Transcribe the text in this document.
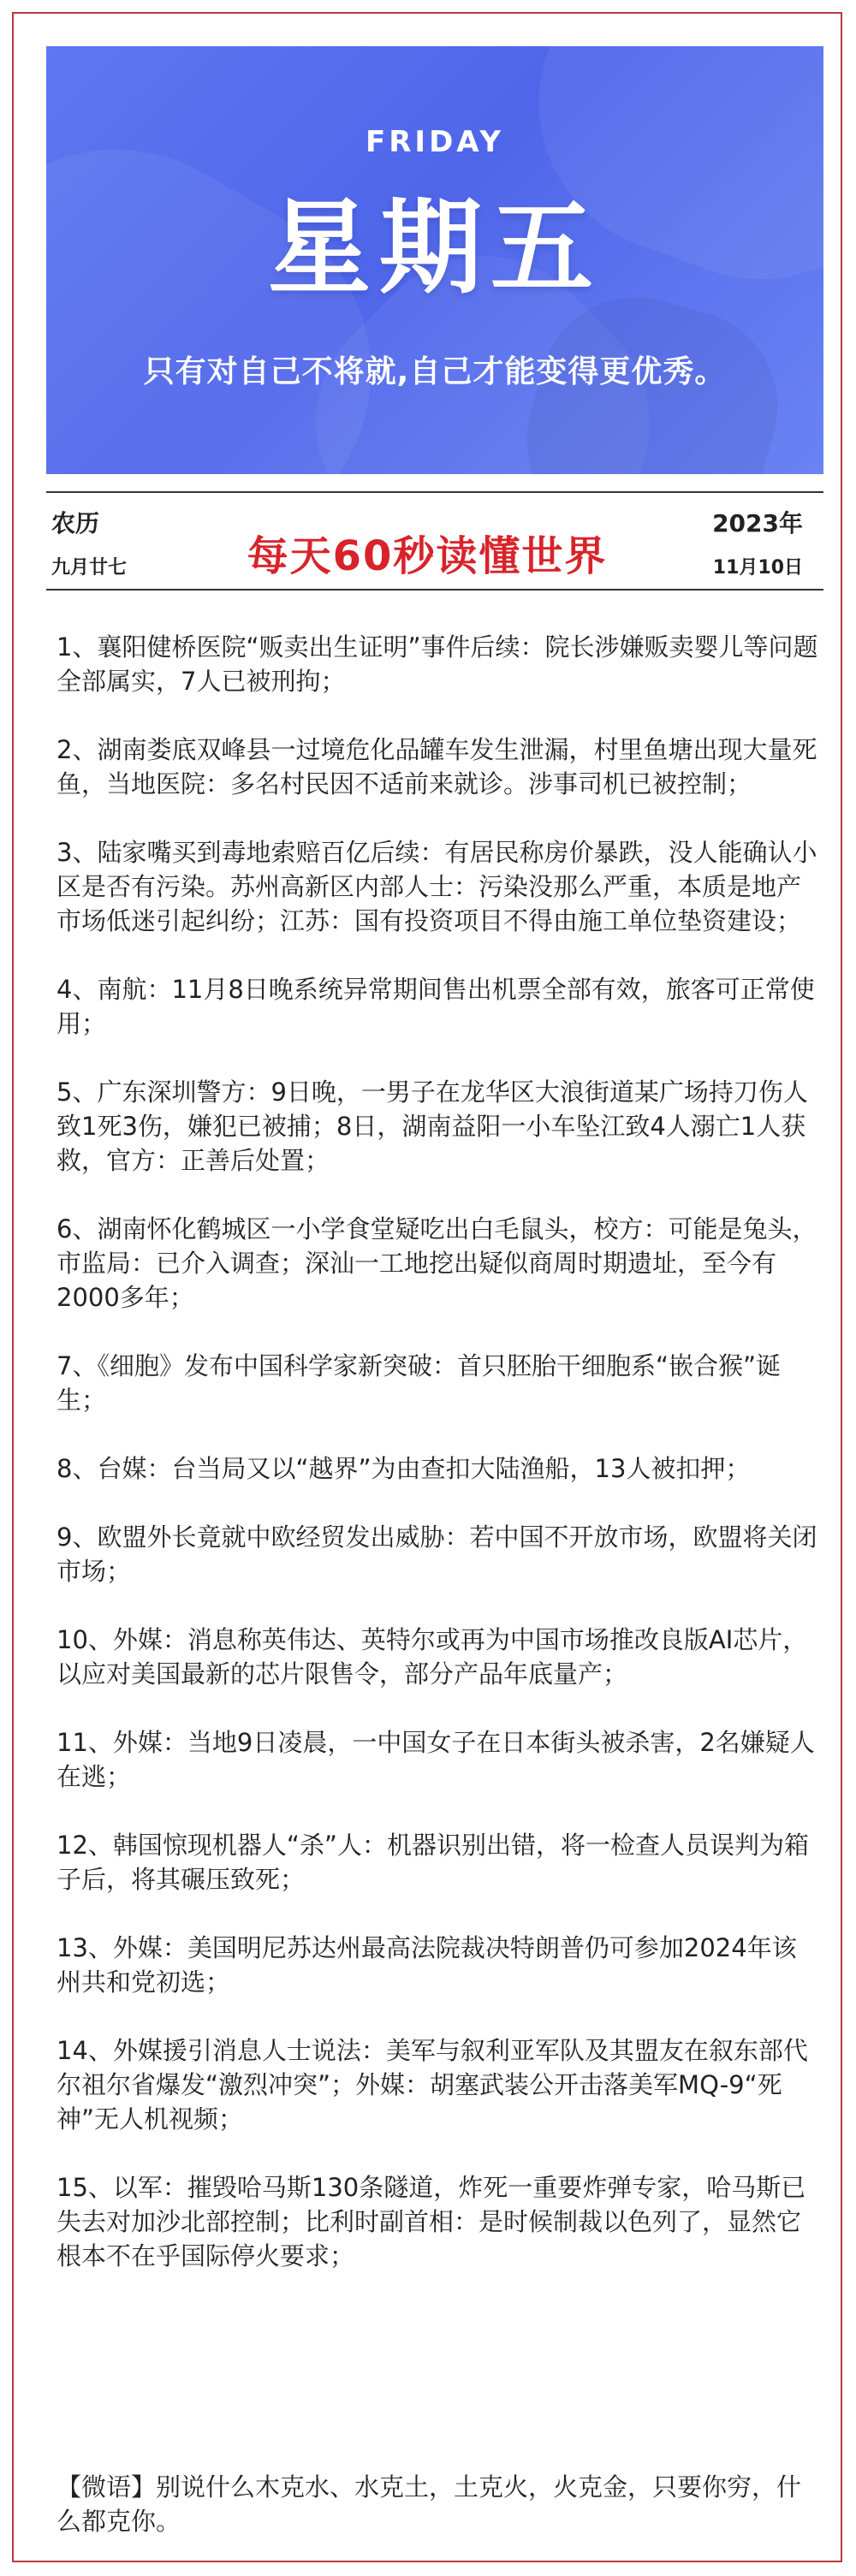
FRIDAY
星期五
只有对自己不将就,自己才能变得更优秀。
农历
九月廿七	每天60秒读懂世界
2023年
11月10日
1、襄阳健桥医院“贩卖出生证明”事件后续：院长涉嫌贩卖婴儿等问题全部属实，7人已被刑拘；
2、湖南娄底双峰县一过境危化品罐车发生泄漏，村里鱼塘出现大量死鱼，当地医院：多名村民因不适前来就诊。涉事司机已被控制；
3、陆家嘴买到毒地索赔百亿后续：有居民称房价暴跌，没人能确认小区是否有污染。苏州高新区内部人士：污染没那么严重，本质是地产市场低迷引起纠纷；江苏：国有投资项目不得由施工单位垫资建设；
4、南航：11月8日晚系统异常期间售出机票全部有效，旅客可正常使用；
5、广东深圳警方：9日晚，一男子在龙华区大浪街道某广场持刀伤人致1死3伤，嫌犯已被捕；8日，湖南益阳一小车坠江致4人溺亡1人获救，官方：正善后处置；
6、湖南怀化鹤城区一小学食堂疑吃出白毛鼠头，校方：可能是兔头，市监局：已介入调查；深汕一工地挖出疑似商周时期遗址，至今有2000多年；
7、《细胞》发布中国科学家新突破：首只胚胎干细胞系“嵌合猴”诞生；
8、台媒：台当局又以“越界”为由查扣大陆渔船，13人被扣押；
9、欧盟外长竟就中欧经贸发出威胁：若中国不开放市场，欧盟将关闭市场；
10、外媒：消息称英伟达、英特尔或再为中国市场推改良版AI芯片，以应对美国最新的芯片限售令，部分产品年底量产；
11、外媒：当地9日凌晨，一中国女子在日本街头被杀害，2名嫌疑人在逃；
12、韩国惊现机器人“杀”人：机器识别出错，将一检查人员误判为箱子后，将其碾压致死；
13、外媒：美国明尼苏达州最高法院裁决特朗普仍可参加2024年该州共和党初选；
14、外媒援引消息人士说法：美军与叙利亚军队及其盟友在叙东部代尔祖尔省爆发“激烈冲突”；外媒：胡塞武装公开击落美军MQ-9“死神”无人机视频；
15、以军：摧毁哈马斯130条隧道，炸死一重要炸弹专家，哈马斯已失去对加沙北部控制；比利时副首相：是时候制裁以色列了，显然它根本不在乎国际停火要求；
【微语】别说什么木克水、水克土，土克火，火克金，只要你穷，什么都克你。
